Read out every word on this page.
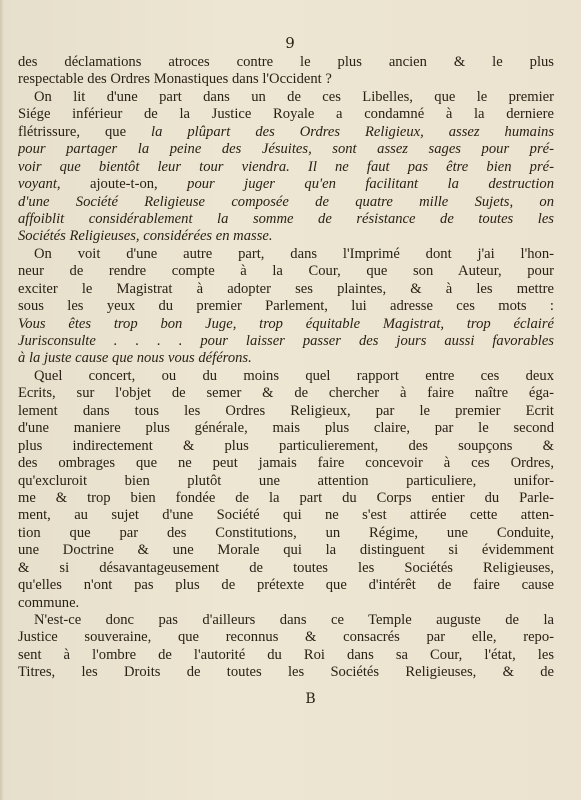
9
des déclamations atroces contre le plus ancien & le plus
respectable des Ordres Monastiques dans l'Occident ?
On lit d'une part dans un de ces Libelles, que le premier
Siége inférieur de la Justice Royale a condamné à la derniere
flétrissure, que la plûpart des Ordres Religieux, assez humains
pour partager la peine des Jésuites, sont assez sages pour pré-
voir que bientôt leur tour viendra. Il ne faut pas être bien pré-
voyant, ajoute-t-on, pour juger qu'en facilitant la destruction
d'une Société Religieuse composée de quatre mille Sujets, on
affoiblit considérablement la somme de résistance de toutes les
Sociétés Religieuses, considérées en masse.
On voit d'une autre part, dans l'Imprimé dont j'ai l'hon-
neur de rendre compte à la Cour, que son Auteur, pour
exciter le Magistrat à adopter ses plaintes, & à les mettre
sous les yeux du premier Parlement, lui adresse ces mots :
Vous êtes trop bon Juge, trop équitable Magistrat, trop éclairé
Jurisconsulte . . . . pour laisser passer des jours aussi favorables
à la juste cause que nous vous déférons.
Quel concert, ou du moins quel rapport entre ces deux
Ecrits, sur l'objet de semer & de chercher à faire naître éga-
lement dans tous les Ordres Religieux, par le premier Ecrit
d'une maniere plus générale, mais plus claire, par le second
plus indirectement & plus particulierement, des soupçons &
des ombrages que ne peut jamais faire concevoir à ces Ordres,
qu'excluroit bien plutôt une attention particuliere, unifor-
me & trop bien fondée de la part du Corps entier du Parle-
ment, au sujet d'une Société qui ne s'est attirée cette atten-
tion que par des Constitutions, un Régime, une Conduite,
une Doctrine & une Morale qui la distinguent si évidemment
& si désavantageusement de toutes les Sociétés Religieuses,
qu'elles n'ont pas plus de prétexte que d'intérêt de faire cause
commune.
N'est-ce donc pas d'ailleurs dans ce Temple auguste de la
Justice souveraine, que reconnus & consacrés par elle, repo-
sent à l'ombre de l'autorité du Roi dans sa Cour, l'état, les
Titres, les Droits de toutes les Sociétés Religieuses, & de
B
